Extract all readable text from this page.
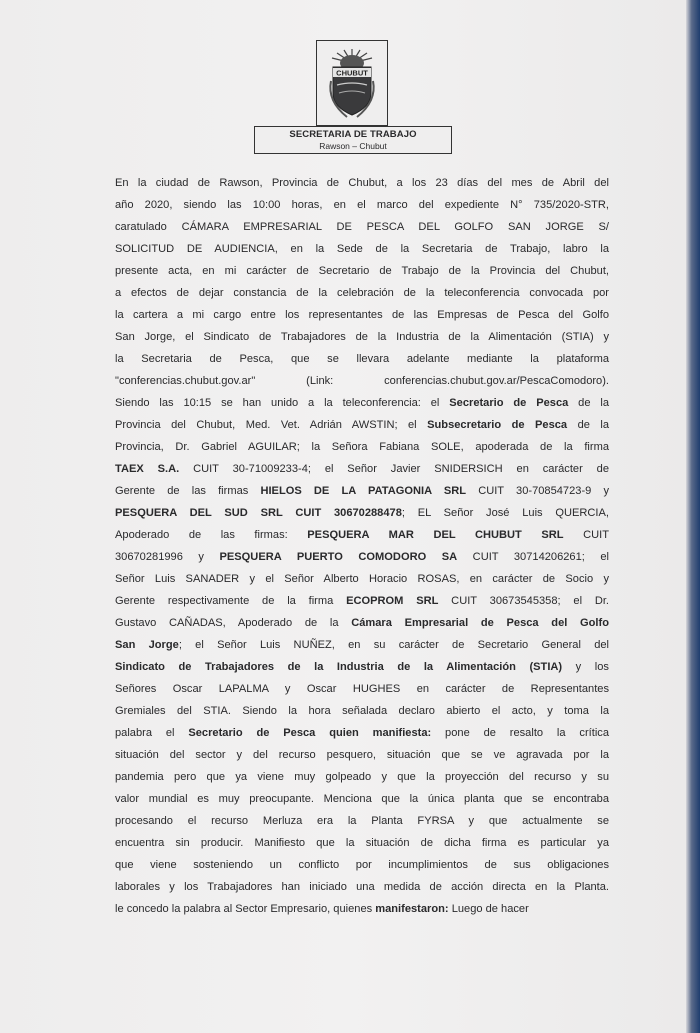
CHUBUT
SECRETARIA DE TRABAJO
Rawson – Chubut
En la ciudad de Rawson, Provincia de Chubut, a los 23 días del mes de Abril del
año 2020, siendo las 10:00 horas, en el marco del expediente N° 735/2020-STR,
caratulado CÁMARA EMPRESARIAL DE PESCA DEL GOLFO SAN JORGE S/
SOLICITUD DE AUDIENCIA, en la Sede de la Secretaria de Trabajo, labro la
presente acta, en mi carácter de Secretario de Trabajo de la Provincia del Chubut,
a efectos de dejar constancia de la celebración de la teleconferencia convocada por
la cartera a mi cargo entre los representantes de las Empresas de Pesca del Golfo
San Jorge, el Sindicato de Trabajadores de la Industria de la Alimentación (STIA) y
la Secretaria de Pesca, que se llevara adelante mediante la plataforma
"conferencias.chubut.gov.ar" (Link: conferencias.chubut.gov.ar/PescaComodoro).
Siendo las 10:15 se han unido a la teleconferencia: el Secretario de Pesca de la
Provincia del Chubut, Med. Vet. Adrián AWSTIN; el Subsecretario de Pesca de la
Provincia, Dr. Gabriel AGUILAR; la Señora Fabiana SOLE, apoderada de la firma
TAEX S.A. CUIT 30-71009233-4; el Señor Javier SNIDERSICH en carácter de
Gerente de las firmas HIELOS DE LA PATAGONIA SRL CUIT 30-70854723-9 y
PESQUERA DEL SUD SRL CUIT 30670288478; EL Señor José Luis QUERCIA,
Apoderado de las firmas: PESQUERA MAR DEL CHUBUT SRL CUIT
30670281996 y PESQUERA PUERTO COMODORO SA CUIT 30714206261; el
Señor Luis SANADER y el Señor Alberto Horacio ROSAS, en carácter de Socio y
Gerente respectivamente de la firma ECOPROM SRL CUIT 30673545358; el Dr.
Gustavo CAÑADAS, Apoderado de la Cámara Empresarial de Pesca del Golfo
San Jorge; el Señor Luis NUÑEZ, en su carácter de Secretario General del
Sindicato de Trabajadores de la Industria de la Alimentación (STIA) y los
Señores Oscar LAPALMA y Oscar HUGHES en carácter de Representantes
Gremiales del STIA. Siendo la hora señalada declaro abierto el acto, y toma la
palabra el Secretario de Pesca quien manifiesta: pone de resalto la crítica
situación del sector y del recurso pesquero, situación que se ve agravada por la
pandemia pero que ya viene muy golpeado y que la proyección del recurso y su
valor mundial es muy preocupante. Menciona que la única planta que se encontraba
procesando el recurso Merluza era la Planta FYRSA y que actualmente se
encuentra sin producir. Manifiesto que la situación de dicha firma es particular ya
que viene sosteniendo un conflicto por incumplimientos de sus obligaciones
laborales y los Trabajadores han iniciado una medida de acción directa en la Planta.
le concedo la palabra al Sector Empresario, quienes manifestaron: Luego de hacer
